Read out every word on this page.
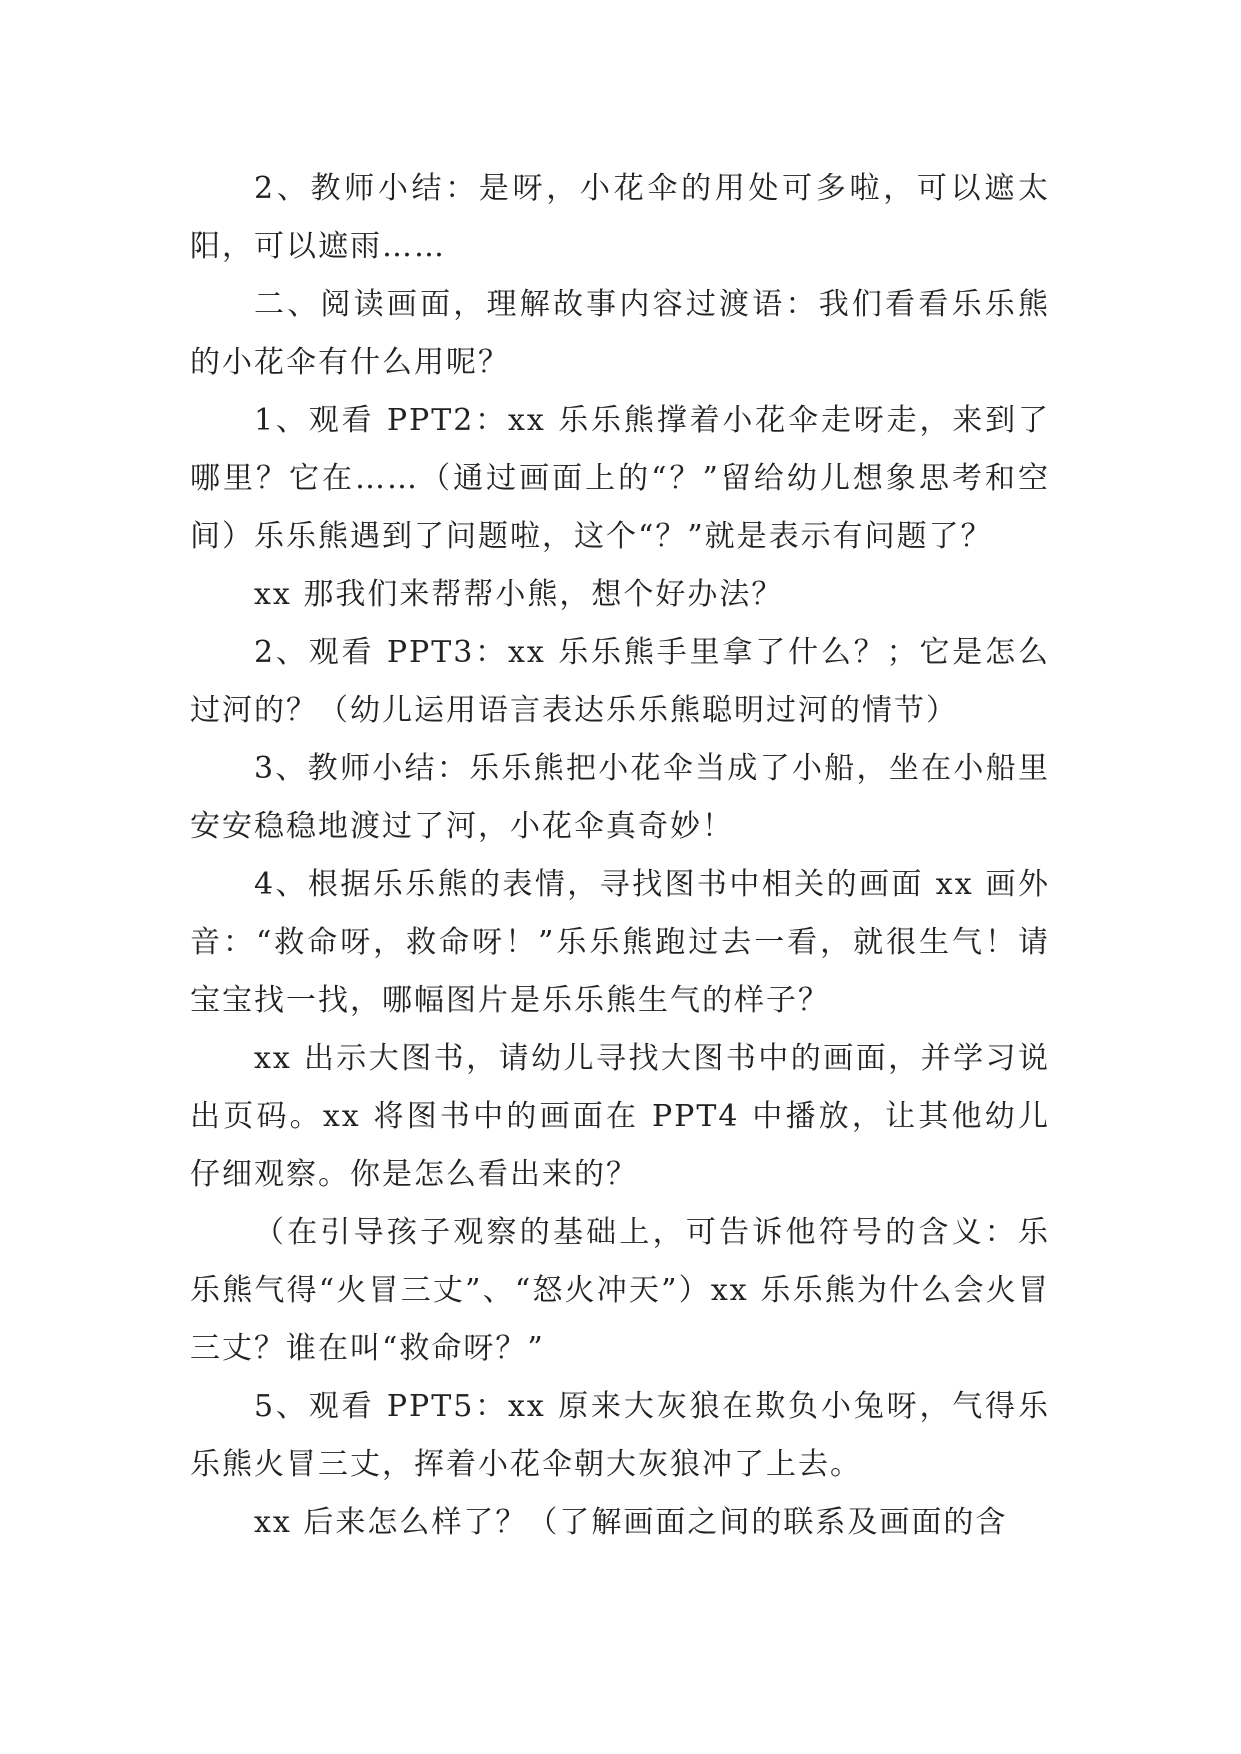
2、教师小结：是呀，小花伞的用处可多啦，可以遮太阳，可以遮雨……

二、阅读画面，理解故事内容过渡语：我们看看乐乐熊的小花伞有什么用呢？

1、观看 PPT2：xx 乐乐熊撑着小花伞走呀走，来到了哪里？它在……（通过画面上的“？”留给幼儿想象思考和空间）乐乐熊遇到了问题啦，这个“？”就是表示有问题了？

xx 那我们来帮帮小熊，想个好办法？

2、观看 PPT3：xx 乐乐熊手里拿了什么？；它是怎么过河的？（幼儿运用语言表达乐乐熊聪明过河的情节）

3、教师小结：乐乐熊把小花伞当成了小船，坐在小船里安安稳稳地渡过了河，小花伞真奇妙！

4、根据乐乐熊的表情，寻找图书中相关的画面 xx 画外音：“救命呀，救命呀！”乐乐熊跑过去一看，就很生气！请宝宝找一找，哪幅图片是乐乐熊生气的样子？

xx 出示大图书，请幼儿寻找大图书中的画面，并学习说出页码。xx 将图书中的画面在 PPT4 中播放，让其他幼儿仔细观察。你是怎么看出来的？

（在引导孩子观察的基础上，可告诉他符号的含义：乐乐熊气得“火冒三丈”、“怒火冲天”）xx 乐乐熊为什么会火冒三丈？谁在叫“救命呀？”

5、观看 PPT5：xx 原来大灰狼在欺负小兔呀，气得乐乐熊火冒三丈，挥着小花伞朝大灰狼冲了上去。

xx 后来怎么样了？（了解画面之间的联系及画面的含
